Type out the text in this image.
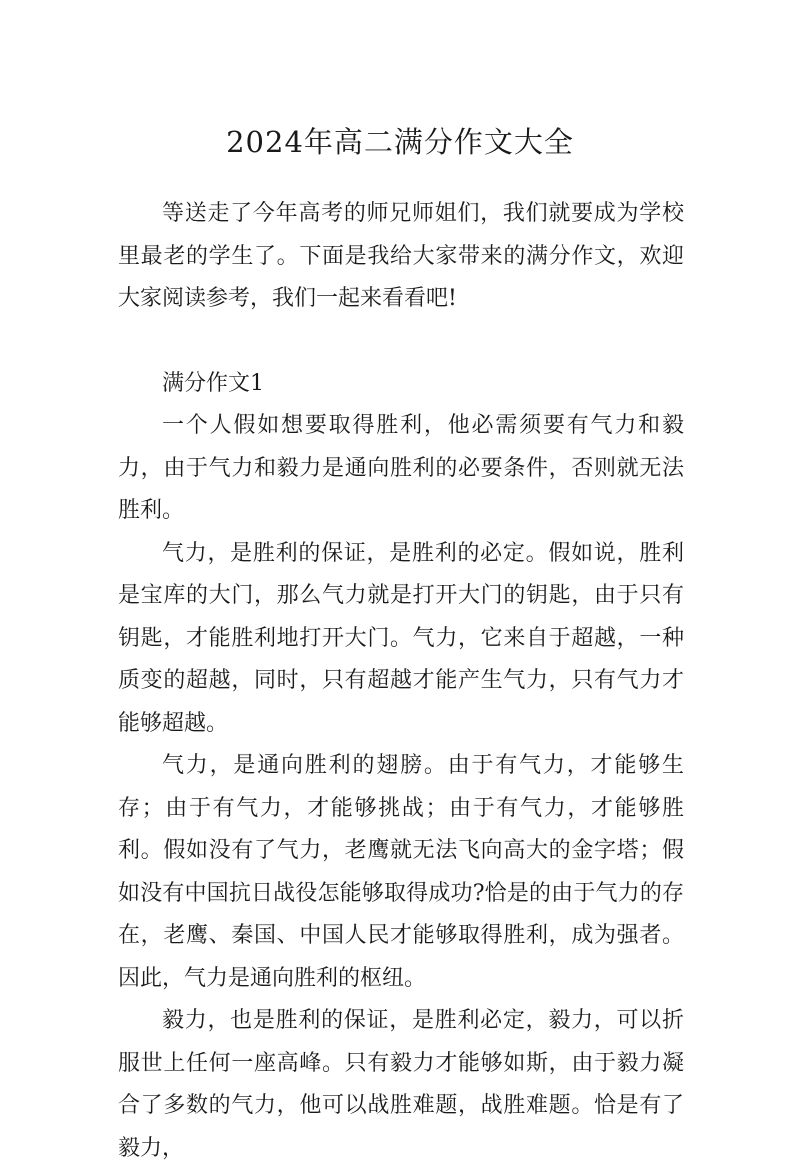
2024年高二满分作文大全

等送走了今年高考的师兄师姐们，我们就要成为学校里最老的学生了。下面是我给大家带来的满分作文，欢迎大家阅读参考，我们一起来看看吧!

满分作文1

一个人假如想要取得胜利，他必需须要有气力和毅力，由于气力和毅力是通向胜利的必要条件，否则就无法胜利。

气力，是胜利的保证，是胜利的必定。假如说，胜利是宝库的大门，那么气力就是打开大门的钥匙，由于只有钥匙，才能胜利地打开大门。气力，它来自于超越，一种质变的超越，同时，只有超越才能产生气力，只有气力才能够超越。

气力，是通向胜利的翅膀。由于有气力，才能够生存；由于有气力，才能够挑战；由于有气力，才能够胜利。假如没有了气力，老鹰就无法飞向高大的金字塔；假如没有中国抗日战役怎能够取得成功?恰是的由于气力的存在，老鹰、秦国、中国人民才能够取得胜利，成为强者。因此，气力是通向胜利的枢纽。

毅力，也是胜利的保证，是胜利必定，毅力，可以折服世上任何一座高峰。只有毅力才能够如斯，由于毅力凝合了多数的气力，他可以战胜难题，战胜难题。恰是有了毅力，
